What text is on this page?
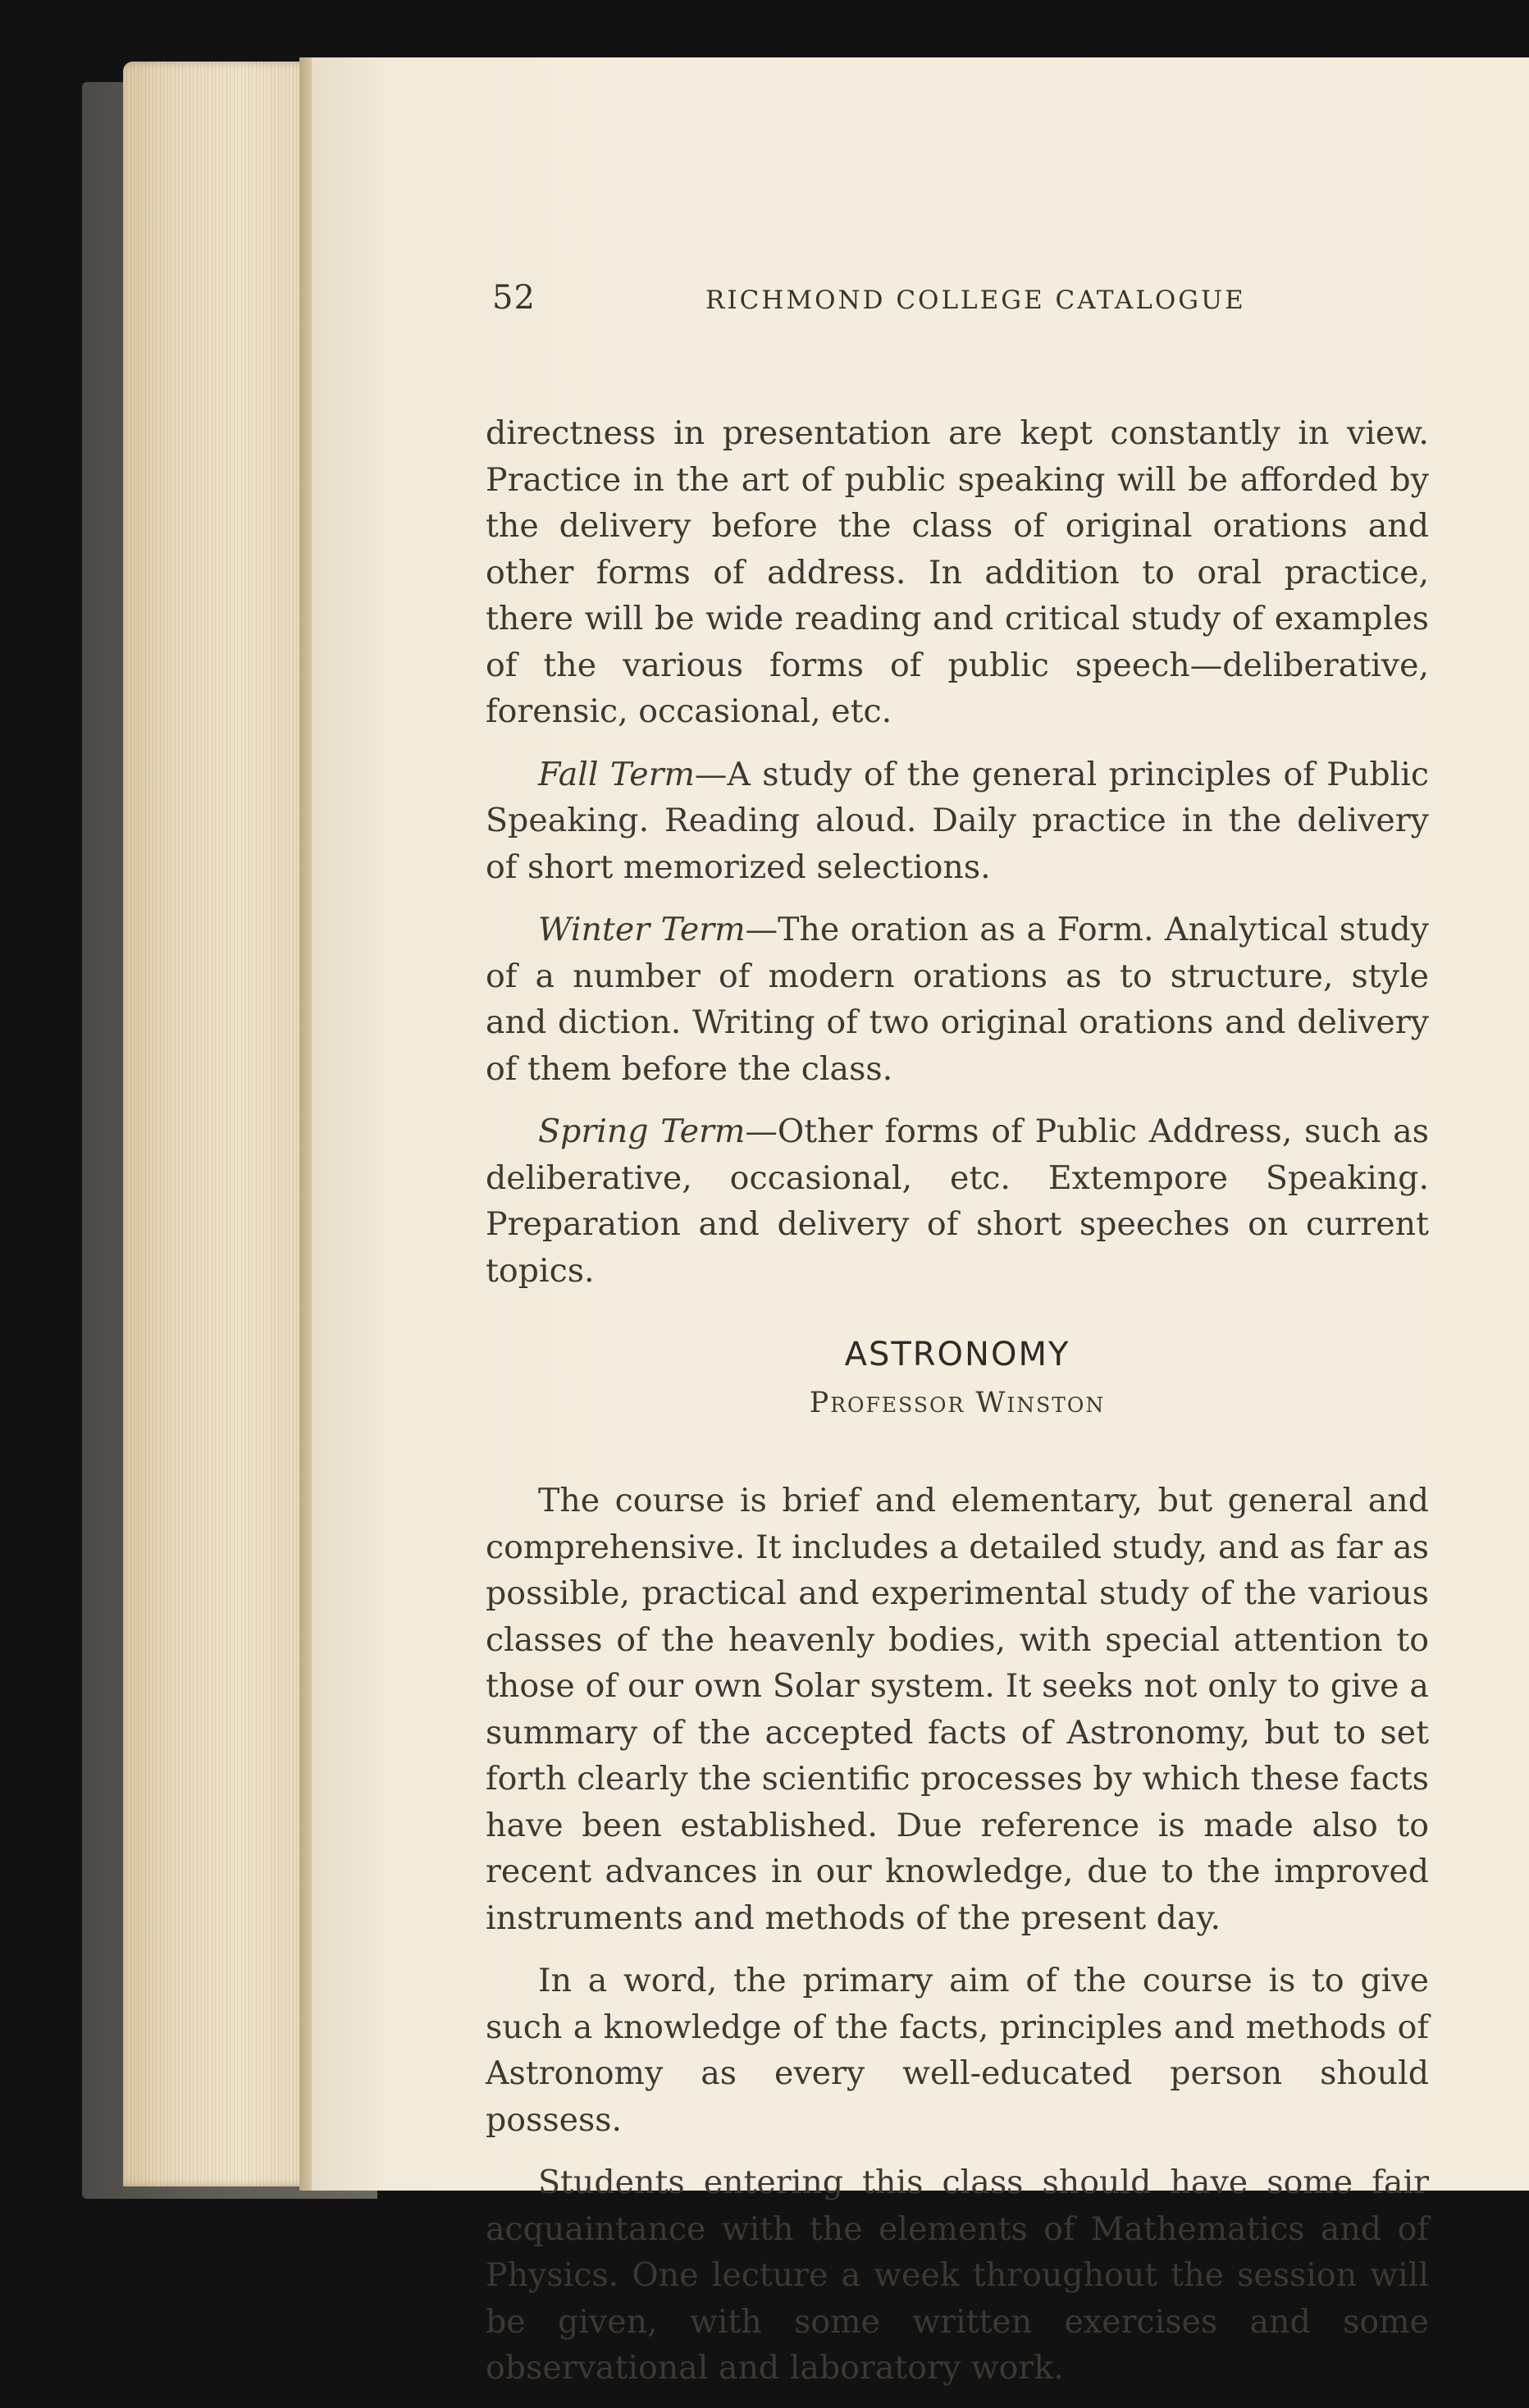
52	RICHMOND COLLEGE CATALOGUE

directness in presentation are kept constantly in view. Practice in the art of public speaking will be afforded by the delivery before the class of original orations and other forms of address. In addition to oral practice, there will be wide reading and critical study of examples of the various forms of public speech—deliberative, forensic, occasional, etc.

Fall Term—A study of the general principles of Public Speaking. Reading aloud. Daily practice in the delivery of short memorized selections.

Winter Term—The oration as a Form. Analytical study of a number of modern orations as to structure, style and diction. Writing of two original orations and delivery of them before the class.

Spring Term—Other forms of Public Address, such as deliberative, occasional, etc. Extempore Speaking. Preparation and delivery of short speeches on current topics.

ASTRONOMY
Professor Winston

The course is brief and elementary, but general and comprehensive. It includes a detailed study, and as far as possible, practical and experimental study of the various classes of the heavenly bodies, with special attention to those of our own Solar system. It seeks not only to give a summary of the accepted facts of Astronomy, but to set forth clearly the scientific processes by which these facts have been established. Due reference is made also to recent advances in our knowledge, due to the improved instruments and methods of the present day.

In a word, the primary aim of the course is to give such a knowledge of the facts, principles and methods of Astronomy as every well-educated person should possess.

Students entering this class should have some fair acquaintance with the elements of Mathematics and of Physics. One lecture a week throughout the session will be given, with some written exercises and some observational and laboratory work.
